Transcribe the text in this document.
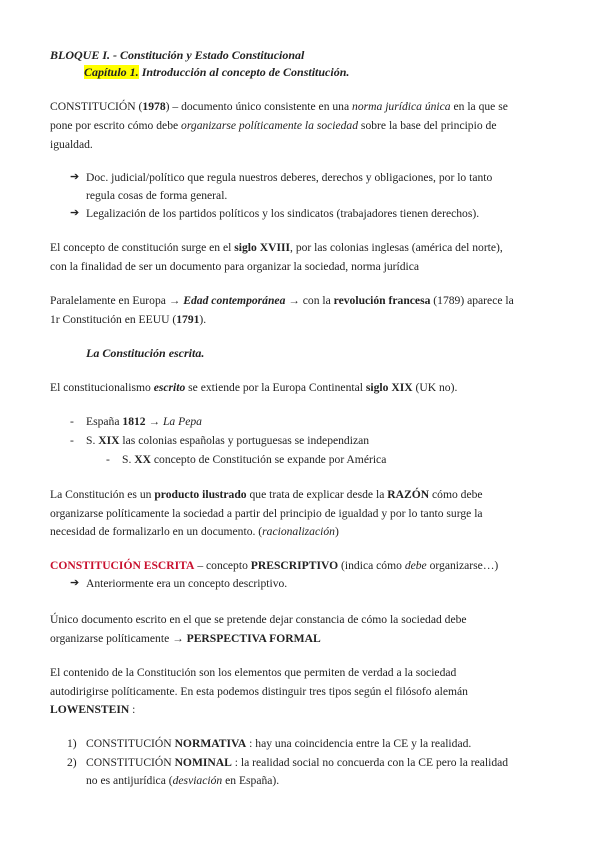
BLOQUE I. - Constitución y Estado Constitucional
Capítulo 1. Introducción al concepto de Constitución.
CONSTITUCIÓN (1978) – documento único consistente en una norma jurídica única en la que se
pone por escrito cómo debe organizarse políticamente la sociedad sobre la base del principio de
igualdad.
➔ Doc. judicial/político que regula nuestros deberes, derechos y obligaciones, por lo tanto
regula cosas de forma general.
➔ Legalización de los partidos políticos y los sindicatos (trabajadores tienen derechos).
El concepto de constitución surge en el siglo XVIII, por las colonias inglesas (américa del norte),
con la finalidad de ser un documento para organizar la sociedad, norma jurídica
Paralelamente en Europa → Edad contemporánea → con la revolución francesa (1789) aparece la
1r Constitución en EEUU (1791).
La Constitución escrita.
El constitucionalismo escrito se extiende por la Europa Continental siglo XIX (UK no).
- España 1812 → La Pepa
- S. XIX las colonias españolas y portuguesas se independizan
- S. XX concepto de Constitución se expande por América
La Constitución es un producto ilustrado que trata de explicar desde la RAZÓN cómo debe
organizarse políticamente la sociedad a partir del principio de igualdad y por lo tanto surge la
necesidad de formalizarlo en un documento. (racionalización)
CONSTITUCIÓN ESCRITA – concepto PRESCRIPTIVO (indica cómo debe organizarse…)
➔ Anteriormente era un concepto descriptivo.
Único documento escrito en el que se pretende dejar constancia de cómo la sociedad debe
organizarse políticamente → PERSPECTIVA FORMAL
El contenido de la Constitución son los elementos que permiten de verdad a la sociedad
autodirigirse políticamente. En esta podemos distinguir tres tipos según el filósofo alemán
LOWENSTEIN :
1) CONSTITUCIÓN NORMATIVA : hay una coincidencia entre la CE y la realidad.
2) CONSTITUCIÓN NOMINAL : la realidad social no concuerda con la CE pero la realidad
no es antijurídica (desviación en España).
